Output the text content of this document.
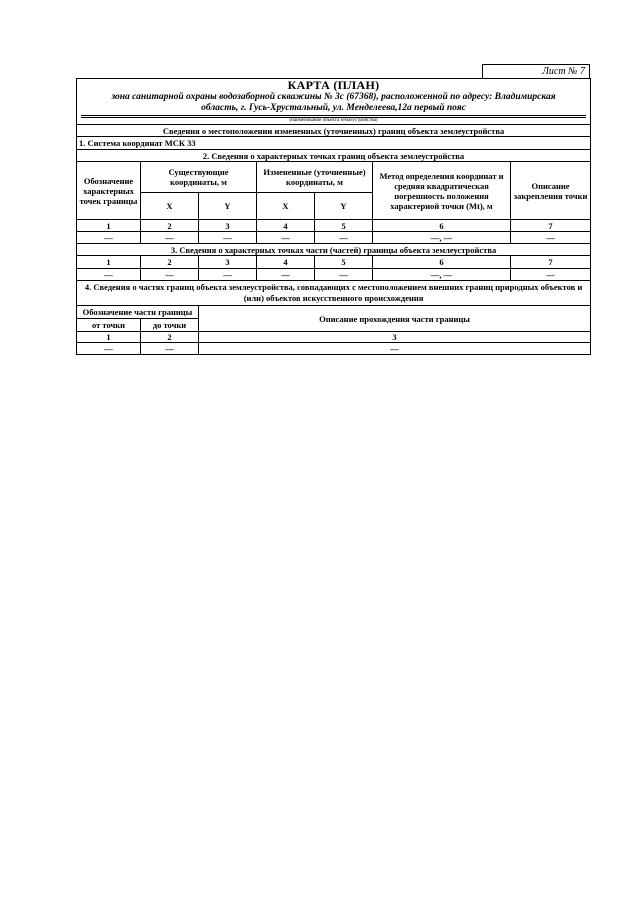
Лист № 7
КАРТА (ПЛАН)
зона санитарной охраны водозаборной скважины № 3с (67368), расположенной по адресу: Владимирская
область, г. Гусь-Хрустальный, ул. Менделеева,12а первый пояс
(наименование объекта землеустройства)						

Сведения о местоположении измененных (уточненных) границ объекта землеустройства						
1. Система координат МСК 33						
2. Сведения о характерных точках границ объекта землеустройства						
Обозначение характерных точек границы	Существующие координаты, м		Измененные (уточненные) координаты, м		Метод определения координат и средняя квадратическая погрешность положения характерной точки (Mt), м	Описание закрепления точки
	X	Y	X	Y		
1	2	3	4	5	6	7
—	—	—	—	—	—, —	—
3. Сведения о характерных точках части (частей) границы объекта землеустройства						
1	2	3	4	5	6	7
—	—	—	—	—	—, —	—
4. Сведения о частях границ объекта землеустройства, совпадающих с местоположением внешних границ природных объектов и (или) объектов искусственного происхождения						
Обозначение части границы		Описание прохождения части границы				
от точки	до точки					
1	2	3				
—	—	—				
